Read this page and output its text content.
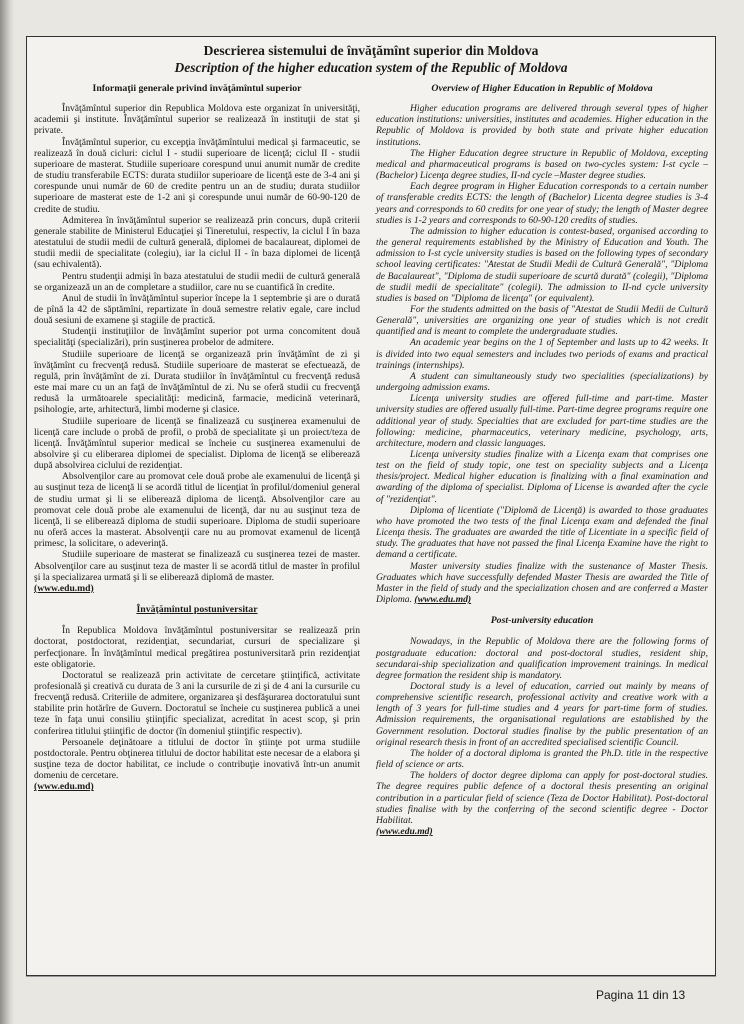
Descrierea sistemului de învăţămînt superior din Moldova
Description of the higher education system of the Republic of Moldova
Informaţii generale privind învăţămîntul superior

Învăţămîntul superior din Republica Moldova este organizat în universităţi, academii şi institute. Învăţămîntul superior se realizează în instituţii de stat şi private.

Învăţămîntul superior, cu excepţia învăţămîntului medical şi farmaceutic, se realizează în două cicluri: ciclul I - studii superioare de licenţă; ciclul II - studii superioare de masterat. Studiile superioare corespund unui anumit număr de credite de studiu transferabile ECTS: durata studiilor superioare de licenţă este de 3-4 ani şi corespunde unui număr de 60 de credite pentru un an de studiu; durata studiilor superioare de masterat este de 1-2 ani şi corespunde unui număr de 60-90-120 de credite de studiu.

Admiterea în învăţămîntul superior se realizează prin concurs, după criterii generale stabilite de Ministerul Educaţiei şi Tineretului, respectiv, la ciclul I în baza atestatului de studii medii de cultură generală, diplomei de bacalaureat, diplomei de studii medii de specialitate (colegiu), iar la ciclul II - în baza diplomei de licenţă (sau echivalentă).

Pentru studenţii admişi în baza atestatului de studii medii de cultură generală se organizează un an de completare a studiilor, care nu se cuantifică în credite.

Anul de studii în învăţămîntul superior începe la 1 septembrie şi are o durată de pînă la 42 de săptămîni, repartizate în două semestre relativ egale, care includ două sesiuni de examene şi stagiile de practică.

Studenţii instituţiilor de învăţămînt superior pot urma concomitent două specialităţi (specializări), prin susţinerea probelor de admitere.

Studiile superioare de licenţă se organizează prin învăţămînt de zi şi învăţămînt cu frecvenţă redusă. Studiile superioare de masterat se efectuează, de regulă, prin învăţămînt de zi. Durata studiilor în învăţămîntul cu frecvenţă redusă este mai mare cu un an faţă de învăţămîntul de zi. Nu se oferă studii cu frecvenţă redusă la următoarele specialităţi: medicină, farmacie, medicină veterinară, psihologie, arte, arhitectură, limbi moderne şi clasice.

Studiile superioare de licenţă se finalizează cu susţinerea examenului de licenţă care include o probă de profil, o probă de specialitate şi un proiect/teza de licenţă. Învăţămîntul superior medical se încheie cu susţinerea examenului de absolvire şi cu eliberarea diplomei de specialist. Diploma de licenţă se eliberează după absolvirea ciclului de rezidenţiat.

Absolvenţilor care au promovat cele două probe ale examenului de licenţă şi au susţinut teza de licenţă li se acordă titlul de licenţiat în profilul/domeniul general de studiu urmat şi li se eliberează diploma de licenţă. Absolvenţilor care au promovat cele două probe ale examenului de licenţă, dar nu au susţinut teza de licenţă, li se eliberează diploma de studii superioare. Diploma de studii superioare nu oferă acces la masterat. Absolvenţii care nu au promovat examenul de licenţă primesc, la solicitare, o adeverinţă.

Studiile superioare de masterat se finalizează cu susţinerea tezei de master. Absolvenţilor care au susţinut teza de master li se acordă titlul de master în profilul şi la specializarea urmată şi li se eliberează diplomă de master.

(www.edu.md)
Învăţămîntul postuniversitar

În Republica Moldova învăţămîntul postuniversitar se realizează prin doctorat, postdoctorat, rezidenţiat, secundariat, cursuri de specializare şi perfecţionare. În învăţămîntul medical pregătirea postuniversitară prin rezidenţiat este obligatorie.

Doctoratul se realizează prin activitate de cercetare ştiinţifică, activitate profesională şi creativă cu durata de 3 ani la cursurile de zi şi de 4 ani la cursurile cu frecvenţă redusă. Criteriile de admitere, organizarea şi desfăşurarea doctoratului sunt stabilite prin hotărîre de Guvern. Doctoratul se încheie cu susţinerea publică a unei teze în faţa unui consiliu ştiinţific specializat, acreditat în acest scop, şi prin conferirea titlului ştiinţific de doctor (în domeniul ştiinţific respectiv).

Persoanele deţinătoare a titlului de doctor în ştiinţe pot urma studiile postdoctorale. Pentru obţinerea titlului de doctor habilitat este necesar de a elabora şi susţine teza de doctor habilitat, ce include o contribuţie inovativă într-un anumit domeniu de cercetare.

(www.edu.md)
Overview of Higher Education in Republic of Moldova

Higher education programs are delivered through several types of higher education institutions: universities, institutes and academies. Higher education in the Republic of Moldova is provided by both state and private higher education institutions.

The Higher Education degree structure in Republic of Moldova, excepting medical and pharmaceutical programs is based on two-cycles system: I-st cycle – (Bachelor) Licenţa degree studies, II-nd cycle –Master degree studies.

Each degree program in Higher Education corresponds to a certain number of transferable credits ECTS: the length of (Bachelor) Licenta degree studies is 3-4 years and corresponds to 60 credits for one year of study; the length of Master degree studies is 1-2 years and corresponds to 60-90-120 credits of studies.

The admission to higher education is contest-based, organised according to the general requirements established by the Ministry of Education and Youth. The admission to I-st cycle university studies is based on the following types of secondary school leaving certificates: "Atestat de Studii Medii de Cultură Generală", "Diploma de Bacalaureat", "Diploma de studii superioare de scurtă durată" (colegii), "Diploma de studii medii de specialitate" (colegii). The admission to II-nd cycle university studies is based on "Diploma de licenţa" (or equivalent).

For the students admitted on the basis of "Atestat de Studii Medii de Cultură Generală", universities are organizing one year of studies which is not credit quantified and is meant to complete the undergraduate studies.

An academic year begins on the 1 of September and lasts up to 42 weeks. It is divided into two equal semesters and includes two periods of exams and practical trainings (internships).

A student can simultaneously study two specialities (specializations) by undergoing admission exams.

Licenţa university studies are offered full-time and part-time. Master university studies are offered usually full-time. Part-time degree programs require one additional year of study. Specialties that are excluded for part-time studies are the following: medicine, pharmaceutics, veterinary medicine, psychology, arts, architecture, modern and classic languages.

Licenţa university studies finalize with a Licenţa exam that comprises one test on the field of study topic, one test on speciality subjects and a Licenţa thesis/project. Medical higher education is finalizing with a final examination and awarding of the diploma of specialist. Diploma of License is awarded after the cycle of "rezidenţiat".

Diploma of licentiate ("Diplomă de Licenţă) is awarded to those graduates who have promoted the two tests of the final Licenţa exam and defended the final Licenţa thesis. The graduates are awarded the title of Licentiate in a specific field of study. The graduates that have not passed the final Licenţa Examine have the right to demand a certificate.

Master university studies finalize with the sustenance of Master Thesis. Graduates which have successfully defended Master Thesis are awarded the Title of Master in the field of study and the specialization chosen and are conferred a Master Diploma. (www.edu.md)

Post-university education

Nowadays, in the Republic of Moldova there are the following forms of postgraduate education: doctoral and post-doctoral studies, resident ship, secundarai-ship specialization and qualification improvement trainings. In medical degree formation the resident ship is mandatory.

Doctoral study is a level of education, carried out mainly by means of comprehensive scientific research, professional activity and creative work with a length of 3 years for full-time studies and 4 years for part-time form of studies. Admission requirements, the organisational regulations are established by the Government resolution. Doctoral studies finalise by the public presentation of an original research thesis in front of an accredited specialised scientific Council.

The holder of a doctoral diploma is granted the Ph.D. title in the respective field of science or arts.

The holders of doctor degree diploma can apply for post-doctoral studies. The degree requires public defence of a doctoral thesis presenting an original contribution in a particular field of science (Teza de Doctor Habilitat). Post-doctoral studies finalise with by the conferring of the second scientific degree - Doctor Habilitat.

(www.edu.md)
Pagina 11 din 13
